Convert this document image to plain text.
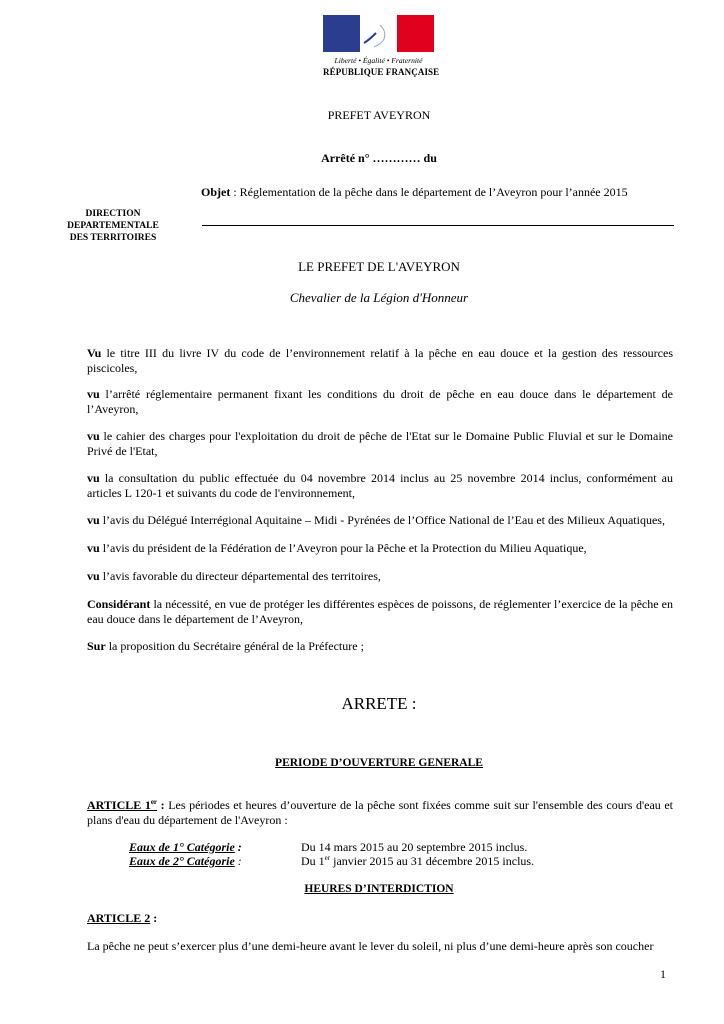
Liberté • Égalité • Fraternité
RÉPUBLIQUE FRANÇAISE
PREFET AVEYRON
Arrêté n° ………… du
Objet : Réglementation de la pêche dans le département de l’Aveyron pour l’année 2015
DIRECTION
DEPARTEMENTALE
DES TERRITOIRES
LE PREFET DE L'AVEYRON
Chevalier de la Légion d'Honneur
Vu le titre III du livre IV du code de l’environnement relatif à la pêche en eau douce et la gestion des ressources piscicoles,
vu l’arrêté réglementaire permanent fixant les conditions du droit de pêche en eau douce dans le département de l’Aveyron,
vu le cahier des charges pour l'exploitation du droit de pêche de l'Etat sur le Domaine Public Fluvial et sur le Domaine Privé de l'Etat,
vu la consultation du public effectuée du 04 novembre 2014 inclus au 25 novembre 2014 inclus, conformément au articles L 120-1 et suivants du code de l'environnement,
vu l’avis du Délégué Interrégional Aquitaine – Midi - Pyrénées de l’Office National de l’Eau et des Milieux Aquatiques,
vu l’avis du président de la Fédération de l’Aveyron pour la Pêche et la Protection du Milieu Aquatique,
vu l’avis favorable du directeur départemental des territoires,
Considérant la nécessité, en vue de protéger les différentes espèces de poissons, de réglementer l’exercice de la pêche en eau douce dans le département de l’Aveyron,
Sur la proposition du Secrétaire général de la Préfecture ;
ARRETE :
PERIODE D’OUVERTURE GENERALE
ARTICLE 1er : Les périodes et heures d’ouverture de la pêche sont fixées comme suit sur l'ensemble des cours d'eau et plans d'eau du département de l'Aveyron :
Eaux de 1° Catégorie :	Du 14 mars 2015 au 20 septembre 2015 inclus.
Eaux de 2° Catégorie :	Du 1er janvier 2015 au 31 décembre 2015 inclus.
HEURES D’INTERDICTION
ARTICLE 2 :
La pêche ne peut s’exercer plus d’une demi-heure avant le lever du soleil, ni plus d’une demi-heure après son coucher
1
